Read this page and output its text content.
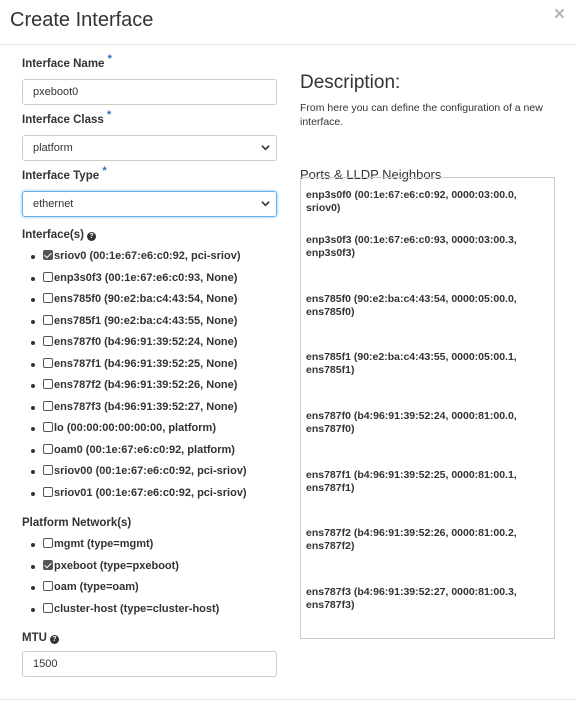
Create Interface	×
Interface Name *
pxeboot0
Interface Class *
platform
Interface Type *
ethernet
Interface(s) ?
sriov0 (00:1e:67:e6:c0:92, pci-sriov)
enp3s0f3 (00:1e:67:e6:c0:93, None)
ens785f0 (90:e2:ba:c4:43:54, None)
ens785f1 (90:e2:ba:c4:43:55, None)
ens787f0 (b4:96:91:39:52:24, None)
ens787f1 (b4:96:91:39:52:25, None)
ens787f2 (b4:96:91:39:52:26, None)
ens787f3 (b4:96:91:39:52:27, None)
lo (00:00:00:00:00:00, platform)
oam0 (00:1e:67:e6:c0:92, platform)
sriov00 (00:1e:67:e6:c0:92, pci-sriov)
sriov01 (00:1e:67:e6:c0:92, pci-sriov)
Platform Network(s)
mgmt (type=mgmt)
pxeboot (type=pxeboot)
oam (type=oam)
cluster-host (type=cluster-host)
MTU ?
1500
Description:
From here you can define the configuration of a new interface.
Ports & LLDP Neighbors
enp3s0f0 (00:1e:67:e6:c0:92, 0000:03:00.0, sriov0)
enp3s0f3 (00:1e:67:e6:c0:93, 0000:03:00.3, enp3s0f3)
ens785f0 (90:e2:ba:c4:43:54, 0000:05:00.0, ens785f0)
ens785f1 (90:e2:ba:c4:43:55, 0000:05:00.1, ens785f1)
ens787f0 (b4:96:91:39:52:24, 0000:81:00.0, ens787f0)
ens787f1 (b4:96:91:39:52:25, 0000:81:00.1, ens787f1)
ens787f2 (b4:96:91:39:52:26, 0000:81:00.2, ens787f2)
ens787f3 (b4:96:91:39:52:27, 0000:81:00.3, ens787f3)
